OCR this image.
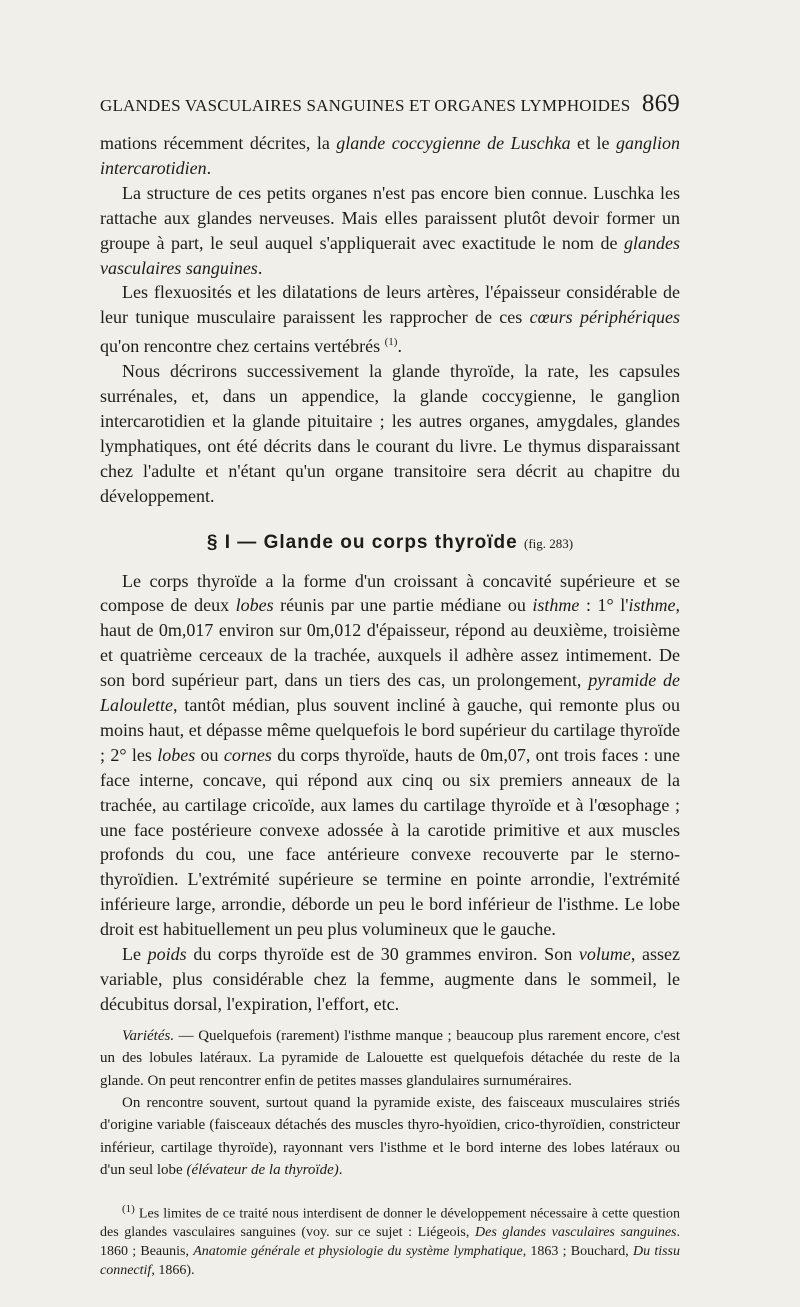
GLANDES VASCULAIRES SANGUINES ET ORGANES LYMPHOIDES 869

mations récemment décrites, la glande coccygienne de Luschka et le ganglion intercarotidien.

La structure de ces petits organes n'est pas encore bien connue. Luschka les rattache aux glandes nerveuses. Mais elles paraissent plutôt devoir former un groupe à part, le seul auquel s'appliquerait avec exactitude le nom de glandes vasculaires sanguines.

Les flexuosités et les dilatations de leurs artères, l'épaisseur considérable de leur tunique musculaire paraissent les rapprocher de ces cœurs périphériques qu'on rencontre chez certains vertébrés $^{(1)}$.

Nous décrirons successivement la glande thyroïde, la rate, les capsules surrénales, et, dans un appendice, la glande coccygienne, le ganglion intercarotidien et la glande pituitaire ; les autres organes, amygdales, glandes lymphatiques, ont été décrits dans le courant du livre. Le thymus disparaissant chez l'adulte et n'étant qu'un organe transitoire sera décrit au chapitre du développement.

§ I — Glande ou corps thyroïde (fig. 283)

Le corps thyroïde a la forme d'un croissant à concavité supérieure et se compose de deux lobes réunis par une partie médiane ou isthme : 1° l'isthme, haut de 0m,017 environ sur 0m,012 d'épaisseur, répond au deuxième, troisième et quatrième cerceaux de la trachée, auxquels il adhère assez intimement. De son bord supérieur part, dans un tiers des cas, un prolongement, pyramide de Laloulette, tantôt médian, plus souvent incliné à gauche, qui remonte plus ou moins haut, et dépasse même quelquefois le bord supérieur du cartilage thyroïde ; 2° les lobes ou cornes du corps thyroïde, hauts de 0m,07, ont trois faces : une face interne, concave, qui répond aux cinq ou six premiers anneaux de la trachée, au cartilage cricoïde, aux lames du cartilage thyroïde et à l'œsophage ; une face postérieure convexe adossée à la carotide primitive et aux muscles profonds du cou, une face antérieure convexe recouverte par le sterno-thyroïdien. L'extrémité supérieure se termine en pointe arrondie, l'extrémité inférieure large, arrondie, déborde un peu le bord inférieur de l'isthme. Le lobe droit est habituellement un peu plus volumineux que le gauche.

Le poids du corps thyroïde est de 30 grammes environ. Son volume, assez variable, plus considérable chez la femme, augmente dans le sommeil, le décubitus dorsal, l'expiration, l'effort, etc.

Variétés. — Quelquefois (rarement) l'isthme manque ; beaucoup plus rarement encore, c'est un des lobules latéraux. La pyramide de Lalouette est quelquefois détachée du reste de la glande. On peut rencontrer enfin de petites masses glandulaires surnuméraires.

On rencontre souvent, surtout quand la pyramide existe, des faisceaux musculaires striés d'origine variable (faisceaux détachés des muscles thyro-hyoïdien, crico-thyroïdien, constricteur inférieur, cartilage thyroïde), rayonnant vers l'isthme et le bord interne des lobes latéraux ou d'un seul lobe (élévateur de la thyroïde).

$^{(1)}$ Les limites de ce traité nous interdisent de donner le développement nécessaire à cette question des glandes vasculaires sanguines (voy. sur ce sujet : Liégeois, Des glandes vasculaires sanguines. 1860 ; Beaunis, Anatomie générale et physiologie du système lymphatique, 1863 ; Bouchard, Du tissu connectif, 1866).
